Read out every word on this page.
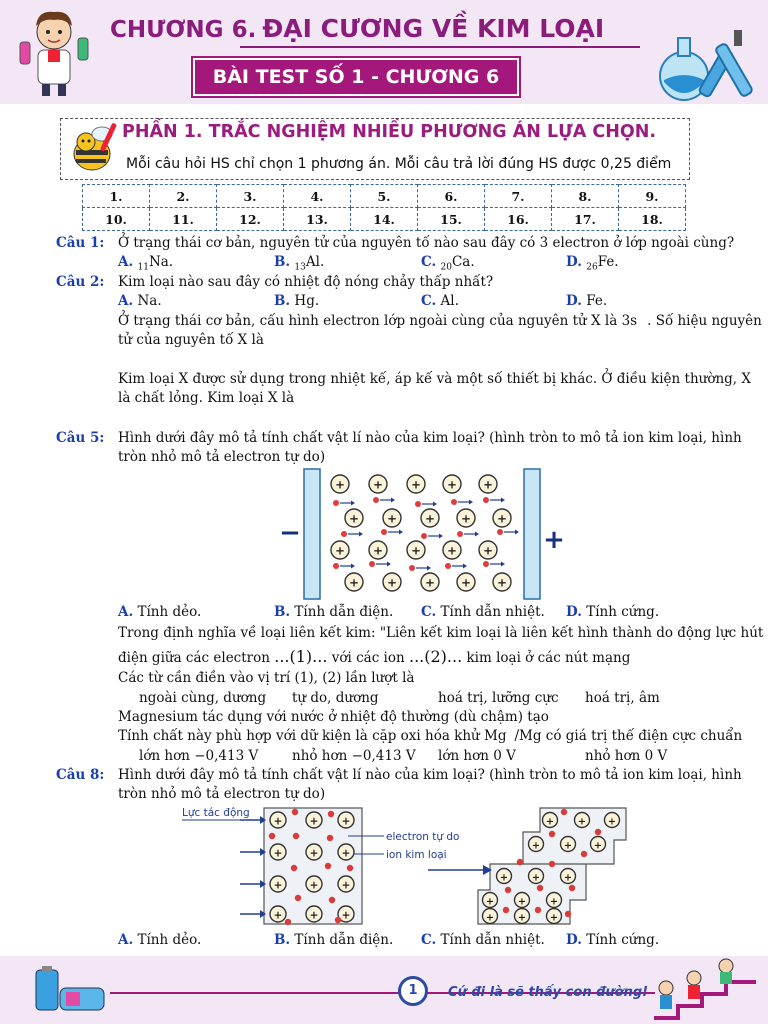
CHƯƠNG 6. ĐẠI CƯƠNG VỀ KIM LOẠI
BÀI TEST SỐ 1 - CHƯƠNG 6
PHẦN 1. TRẮC NGHIỆM NHIỀU PHƯƠNG ÁN LỰA CHỌN.
Mỗi câu hỏi HS chỉ chọn 1 phương án. Mỗi câu trả lời đúng HS được 0,25 điểm
1.	2.	3.	4.	5.	6.	7.	8.	9.
10.	11.	12.	13.	14.	15.	16.	17.	18.
Câu 1: Ở trạng thái cơ bản, nguyên tử của nguyên tố nào sau đây có 3 electron ở lớp ngoài cùng?
A. $_{11}$Na.	B. $_{13}$Al.	C. $_{20}$Ca.	D. $_{26}$Fe.
Câu 2: Kim loại nào sau đây có nhiệt độ nóng chảy thấp nhất?
A. Na.	B. Hg.	C. Al.	D. Fe.
Ở trạng thái cơ bản, cấu hình electron lớp ngoài cùng của nguyên tử X là 3s . Số hiệu nguyên
tử của nguyên tố X là
Kim loại X được sử dụng trong nhiệt kế, áp kế và một số thiết bị khác. Ở điều kiện thường, X
là chất lỏng. Kim loại X là
Câu 5: Hình dưới đây mô tả tính chất vật lí nào của kim loại? (hình tròn to mô tả ion kim loại, hình
tròn nhỏ mô tả electron tự do)
−	+
+ + + + +
+ + + + +
+ + + + +
+ + + + +
A. Tính dẻo.	B. Tính dẫn điện. C. Tính dẫn nhiệt. D. Tính cứng.
Trong định nghĩa về loại liên kết kim: "Liên kết kim loại là liên kết hình thành do động lực hút
điện giữa các electron ...(1)... với các ion ...(2)... kim loại ở các nút mạng
Các từ cần điền vào vị trí (1), (2) lần lượt là
ngoài cùng, dương tự do, dương	hoá trị, lưỡng cực hoá trị, âm
Magnesium tác dụng với nước ở nhiệt độ thường (dù chậm) tạo
Tính chất này phù hợp với dữ kiện là cặp oxi hóa khử Mg /Mg có giá trị thế điện cực chuẩn
lớn hơn −0,413 V	nhỏ hơn −0,413 V lớn hơn 0 V	nhỏ hơn 0 V
Câu 8: Hình dưới đây mô tả tính chất vật lí nào của kim loại? (hình tròn to mô tả ion kim loại, hình
tròn nhỏ mô tả electron tự do)
Lực tác động
electron tự do
ion kim loại
+
+
+
+
+
+
+
+
+
+
+
+
+ + +
+ + +
+ + +
+ + +
+ + +
A. Tính dẻo.	B. Tính dẫn điện. C. Tính dẫn nhiệt. D. Tính cứng.
1	Cứ đi là sẽ thấy con đường!
